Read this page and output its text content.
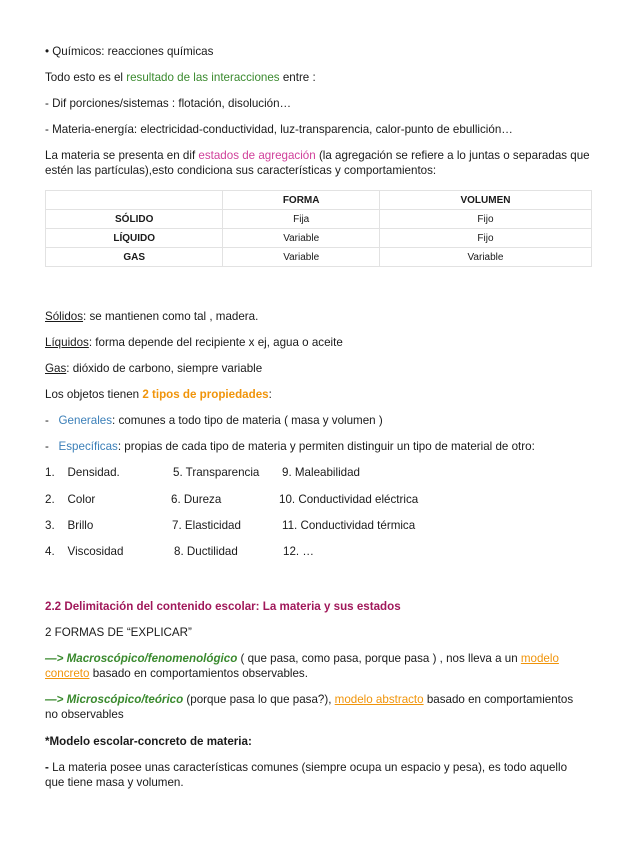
• Químicos: reacciones químicas
Todo esto es el resultado de las interacciones entre :
- Dif porciones/sistemas : flotación, disolución…
- Materia-energía: electricidad-conductividad, luz-transparencia, calor-punto de ebullición…
La materia se presenta en dif estados de agregación (la agregación se refiere a lo juntas o separadas que
estén las partículas),esto condiciona sus características y comportamientos:
	FORMA	VOLUMEN
SÓLIDO	Fija	Fijo
LÍQUIDO	Variable	Fijo
GAS	Variable	Variable
Sólidos: se mantienen como tal , madera.
Líquidos: forma depende del recipiente x ej, agua o aceite
Gas: dióxido de carbono, siempre variable
Los objetos tienen 2 tipos de propiedades:
-   Generales: comunes a todo tipo de materia ( masa y volumen )
-   Específicas: propias de cada tipo de materia y permiten distinguir un tipo de material de otro:
1.    Densidad.	5. Transparencia 9. Maleabilidad
2.    Color	6. Dureza	10. Conductividad eléctrica
3.    Brillo	7. Elasticidad	11. Conductividad térmica
4.    Viscosidad	8. Ductilidad	12. …
2.2 Delimitación del contenido escolar: La materia y sus estados
2 FORMAS DE “EXPLICAR”
—> Macroscópico/fenomenológico ( que pasa, como pasa, porque pasa ) , nos lleva a un modelo
concreto basado en comportamientos observables.
—> Microscópico/teórico (porque pasa lo que pasa?), modelo abstracto basado en comportamientos
no observables
*Modelo escolar-concreto de materia:
- La materia posee unas características comunes (siempre ocupa un espacio y pesa), es todo aquello
que tiene masa y volumen.
